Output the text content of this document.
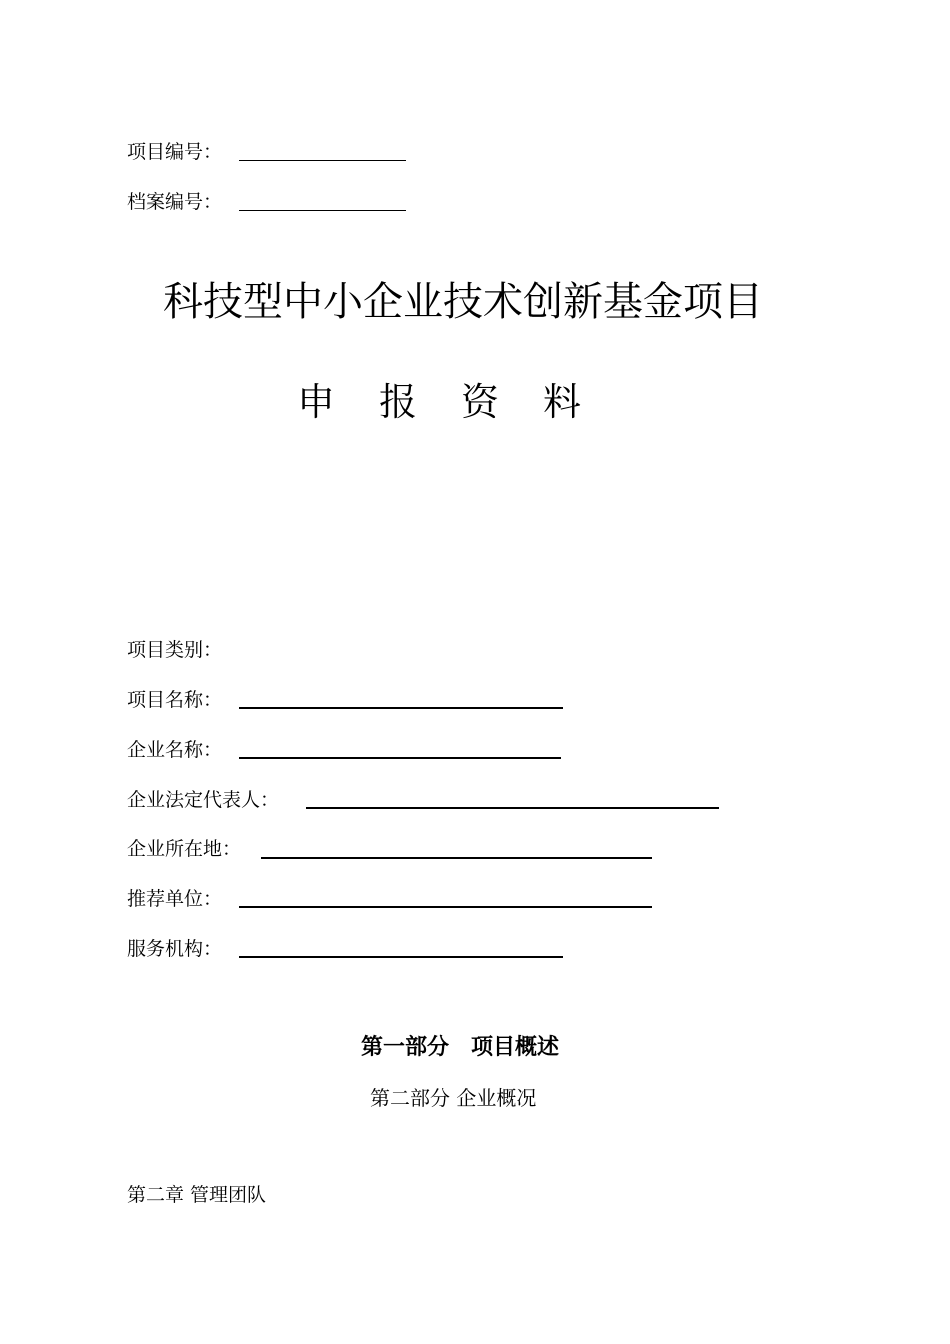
项目编号：
档案编号：
科技型中小企业技术创新基金项目
申 报 资 料
项目类别：
项目名称：
企业名称：
企业法定代表人：
企业所在地：
推荐单位：
服务机构：
第一部分　项目概述
第二部分 企业概况
第二章 管理团队
